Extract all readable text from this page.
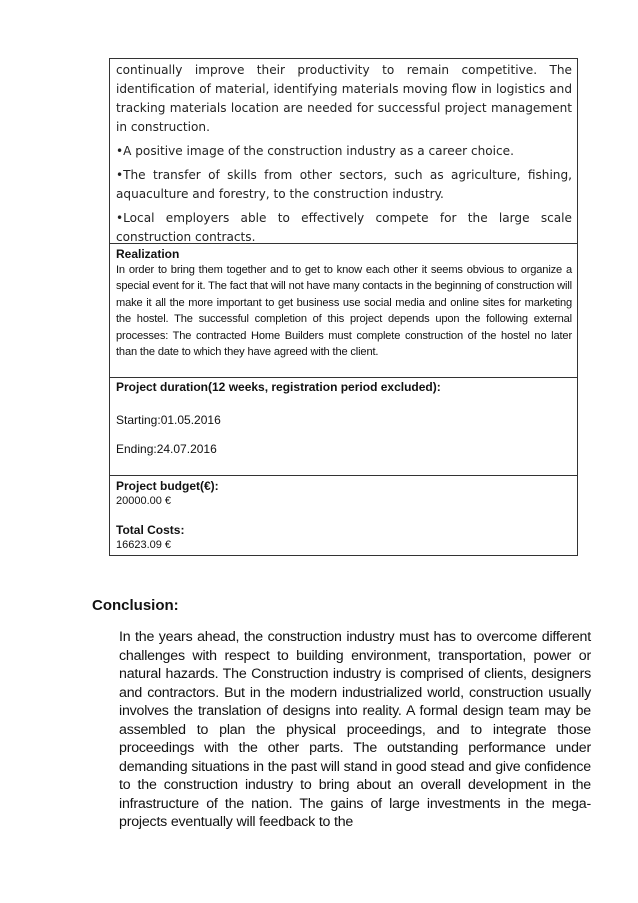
continually improve their productivity to remain competitive. The identification of material, identifying materials moving flow in logistics and tracking materials location are needed for successful project management in construction.

•A positive image of the construction industry as a career choice.

•The transfer of skills from other sectors, such as agriculture, fishing, aquaculture and forestry, to the construction industry.

•Local employers able to effectively compete for the large scale construction contracts.

Realization
In order to bring them together and to get to know each other it seems obvious to organize a special event for it. The fact that will not have many contacts in the beginning of construction will make it all the more important to get business use social media and online sites for marketing the hostel. The successful completion of this project depends upon the following external processes: The contracted Home Builders must complete construction of the hostel no later than the date to which they have agreed with the client.
Project duration(12 weeks, registration period excluded):
Starting:01.05.2016
Ending:24.07.2016
Project budget(€):
20000.00 €
Total Costs:
16623.09 €
Conclusion:

In the years ahead, the construction industry must has to overcome different challenges with respect to building environment, transportation, power or natural hazards. The Construction industry is comprised of clients, designers and contractors. But in the modern industrialized world, construction usually involves the translation of designs into reality. A formal design team may be assembled to plan the physical proceedings, and to integrate those proceedings with the other parts. The outstanding performance under demanding situations in the past will stand in good stead and give confidence to the construction industry to bring about an overall development in the infrastructure of the nation. The gains of large investments in the mega-projects eventually will feedback to the
